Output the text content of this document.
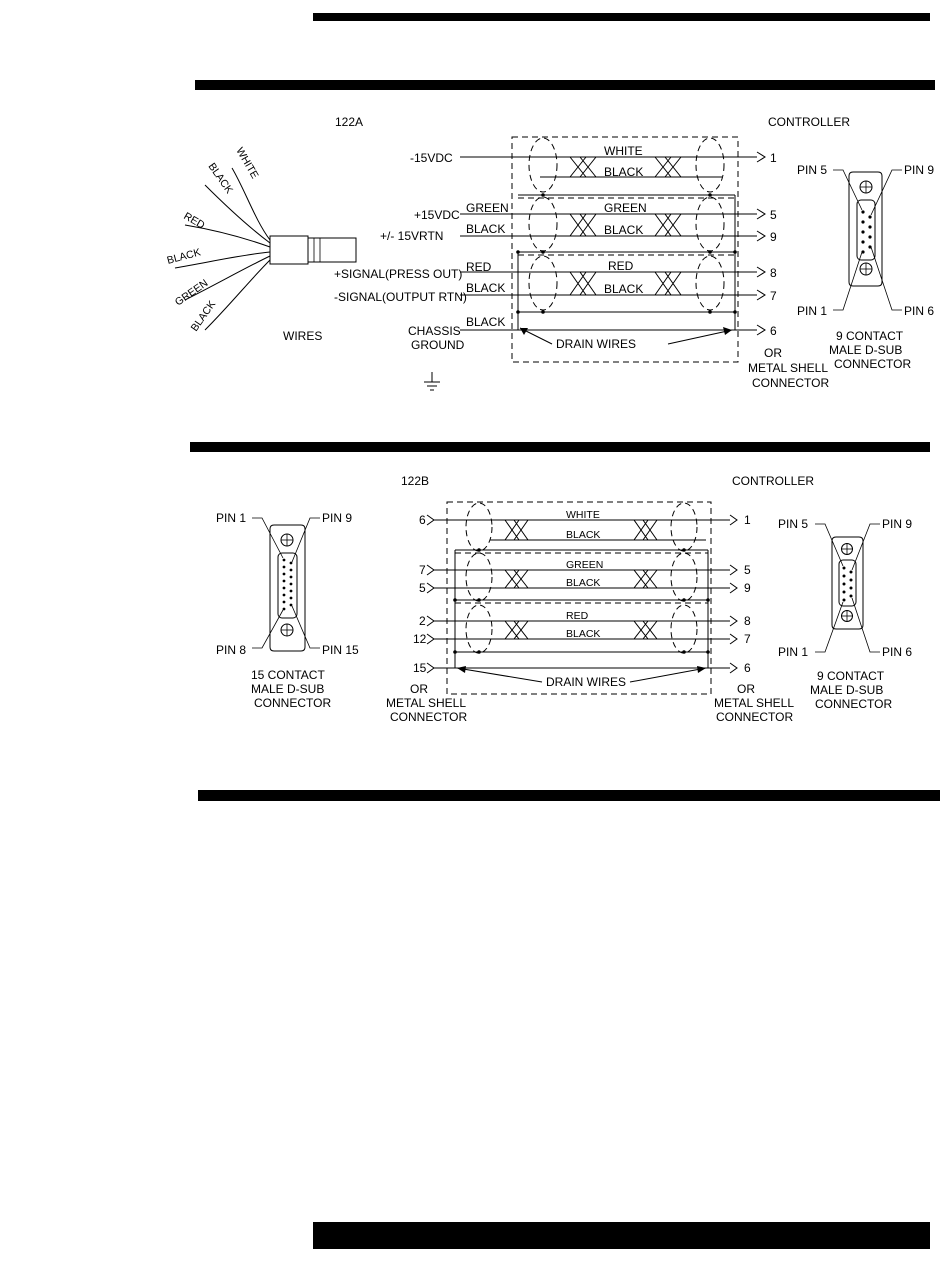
122A	CONTROLLER
WHITE
BLACK
RED
BLACK
GREEN
BLACK
WIRES
-15VDC
+15VDC
+/- 15VRTN
+SIGNAL(PRESS OUT)
-SIGNAL(OUTPUT RTN)
CHASSIS
GROUND
GREEN
BLACK
RED
BLACK
BLACK
WHITE
BLACK
GREEN
BLACK
RED
BLACK
DRAIN WIRES
1
5
9
8
7
6
OR
METAL SHELL
CONNECTOR
PIN 5	PIN 9
PIN 1	PIN 6
9 CONTACT
MALE D-SUB
CONNECTOR
122B	CONTROLLER
PIN 1	PIN 9
PIN 8	PIN 15
15 CONTACT
MALE D-SUB
CONNECTOR
6
7
5
2
12
15
WHITE
BLACK
GREEN
BLACK
RED
BLACK
DRAIN WIRES
1
5
9
8
7
6
OR
METAL SHELL
CONNECTOR
OR
METAL SHELL
CONNECTOR
PIN 5	PIN 9
PIN 1	PIN 6
9 CONTACT
MALE D-SUB
CONNECTOR
